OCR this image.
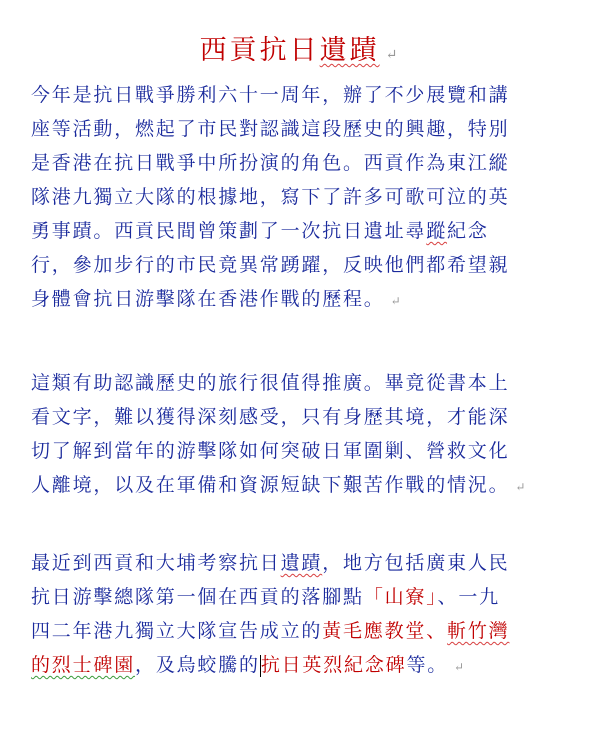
西貢抗日遺蹟 ↵
今年是抗日戰爭勝利六十一周年，辦了不少展覽和講
座等活動，燃起了市民對認識這段歷史的興趣，特別
是香港在抗日戰爭中所扮演的角色。西貢作為東江縱
隊港九獨立大隊的根據地，寫下了許多可歌可泣的英
勇事蹟。西貢民間曾策劃了一次抗日遺址尋蹤紀念
行，參加步行的市民竟異常踴躍，反映他們都希望親
身體會抗日游擊隊在香港作戰的歷程。 ↵
這類有助認識歷史的旅行很值得推廣。畢竟從書本上
看文字，難以獲得深刻感受，只有身歷其境，才能深
切了解到當年的游擊隊如何突破日軍圍剿、營救文化
人離境，以及在軍備和資源短缺下艱苦作戰的情況。 ↵
最近到西貢和大埔考察抗日遺蹟，地方包括廣東人民
抗日游擊總隊第一個在西貢的落腳點「山寮」、一九
四二年港九獨立大隊宣告成立的黃毛應教堂、斬竹灣
的烈士碑園，及烏蛟騰的抗日英烈紀念碑等。 ↵
